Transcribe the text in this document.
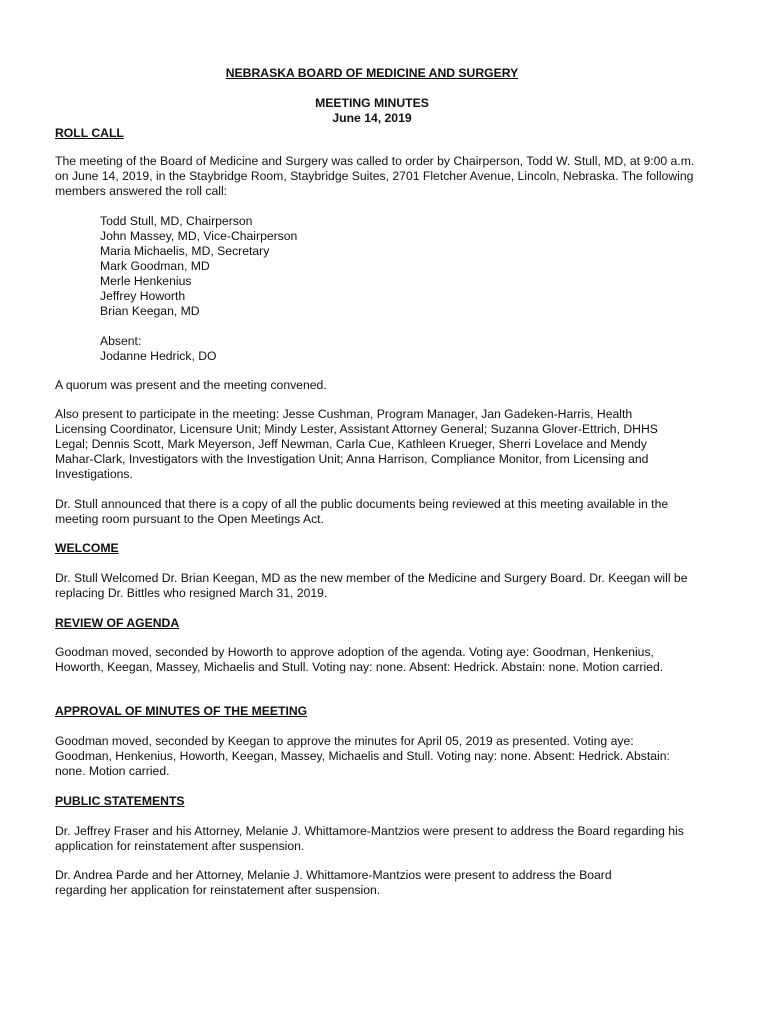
NEBRASKA BOARD OF MEDICINE AND SURGERY
MEETING MINUTES
June 14, 2019
ROLL CALL
The meeting of the Board of Medicine and Surgery was called to order by Chairperson, Todd W. Stull, MD, at 9:00 a.m. on June 14, 2019, in the Staybridge Room, Staybridge Suites, 2701 Fletcher Avenue, Lincoln, Nebraska. The following members answered the roll call:
Todd Stull, MD, Chairperson
John Massey, MD, Vice-Chairperson
Maria Michaelis, MD, Secretary
Mark Goodman, MD
Merle Henkenius
Jeffrey Howorth
Brian Keegan, MD
Absent:
Jodanne Hedrick, DO
A quorum was present and the meeting convened.
Also present to participate in the meeting: Jesse Cushman, Program Manager, Jan Gadeken-Harris, Health Licensing Coordinator, Licensure Unit; Mindy Lester, Assistant Attorney General; Suzanna Glover-Ettrich, DHHS Legal; Dennis Scott, Mark Meyerson, Jeff Newman, Carla Cue, Kathleen Krueger, Sherri Lovelace and Mendy Mahar-Clark, Investigators with the Investigation Unit; Anna Harrison, Compliance Monitor, from Licensing and Investigations.
Dr. Stull announced that there is a copy of all the public documents being reviewed at this meeting available in the meeting room pursuant to the Open Meetings Act.
WELCOME
Dr. Stull Welcomed Dr. Brian Keegan, MD as the new member of the Medicine and Surgery Board. Dr. Keegan will be replacing Dr. Bittles who resigned March 31, 2019.
REVIEW OF AGENDA
Goodman moved, seconded by Howorth to approve adoption of the agenda. Voting aye: Goodman, Henkenius, Howorth, Keegan, Massey, Michaelis and Stull. Voting nay: none. Absent: Hedrick. Abstain: none. Motion carried.
APPROVAL OF MINUTES OF THE MEETING
Goodman moved, seconded by Keegan to approve the minutes for April 05, 2019 as presented. Voting aye: Goodman, Henkenius, Howorth, Keegan, Massey, Michaelis and Stull. Voting nay: none. Absent: Hedrick. Abstain: none. Motion carried.
PUBLIC STATEMENTS
Dr. Jeffrey Fraser and his Attorney, Melanie J. Whittamore-Mantzios were present to address the Board regarding his application for reinstatement after suspension.
Dr. Andrea Parde and her Attorney, Melanie J. Whittamore-Mantzios were present to address the Board regarding her application for reinstatement after suspension.
